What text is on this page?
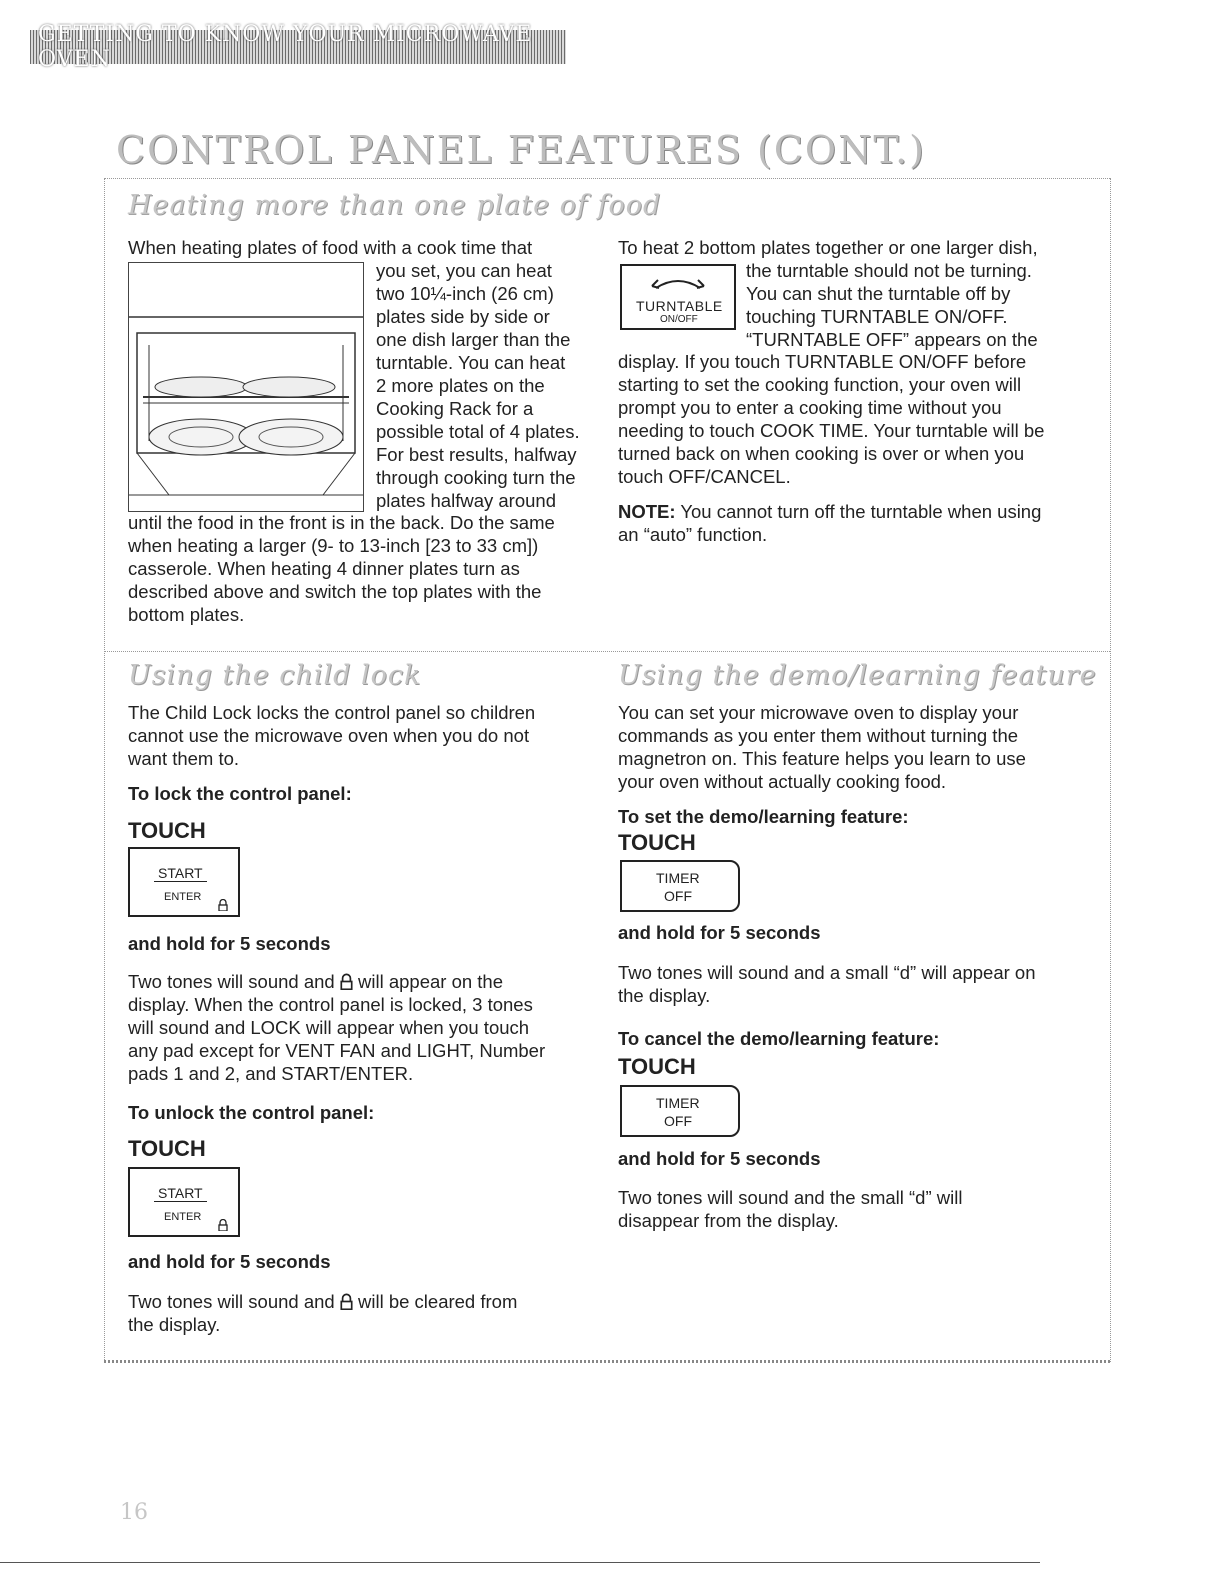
GETTING TO KNOW YOUR MICROWAVE OVEN
CONTROL PANEL FEATURES (CONT.)
Heating more than one plate of food
When heating plates of food with a cook time that
you set, you can heat
two 10¼-inch (26 cm)
plates side by side or
one dish larger than the
turntable. You can heat
2 more plates on the
Cooking Rack for a
possible total of 4 plates.
For best results, halfway
through cooking turn the
plates halfway around
until the food in the front is in the back. Do the same
when heating a larger (9- to 13-inch [23 to 33 cm])
casserole. When heating 4 dinner plates turn as
described above and switch the top plates with the
bottom plates.
To heat 2 bottom plates together or one larger dish,
TURNTABLE
ON/OFF
the turntable should not be turning.
You can shut the turntable off by
touching TURNTABLE ON/OFF.
“TURNTABLE OFF” appears on the
display. If you touch TURNTABLE ON/OFF before
starting to set the cooking function, your oven will
prompt you to enter a cooking time without you
needing to touch COOK TIME. Your turntable will be
turned back on when cooking is over or when you
touch OFF/CANCEL.
NOTE: You cannot turn off the turntable when using
an “auto” function.
Using the child lock
The Child Lock locks the control panel so children
cannot use the microwave oven when you do not
want them to.
To lock the control panel:
TOUCH
START
ENTER
and hold for 5 seconds
Two tones will sound and  will appear on the
display. When the control panel is locked, 3 tones
will sound and LOCK will appear when you touch
any pad except for VENT FAN and LIGHT, Number
pads 1 and 2, and START/ENTER.
To unlock the control panel:
TOUCH
START
ENTER
and hold for 5 seconds
Two tones will sound and  will be cleared from
the display.
Using the demo/learning feature
You can set your microwave oven to display your
commands as you enter them without turning the
magnetron on. This feature helps you learn to use
your oven without actually cooking food.
To set the demo/learning feature:
TOUCH
TIMER
OFF
and hold for 5 seconds
Two tones will sound and a small “d” will appear on
the display.
To cancel the demo/learning feature:
TOUCH
TIMER
OFF
and hold for 5 seconds
Two tones will sound and the small “d” will
disappear from the display.
16
